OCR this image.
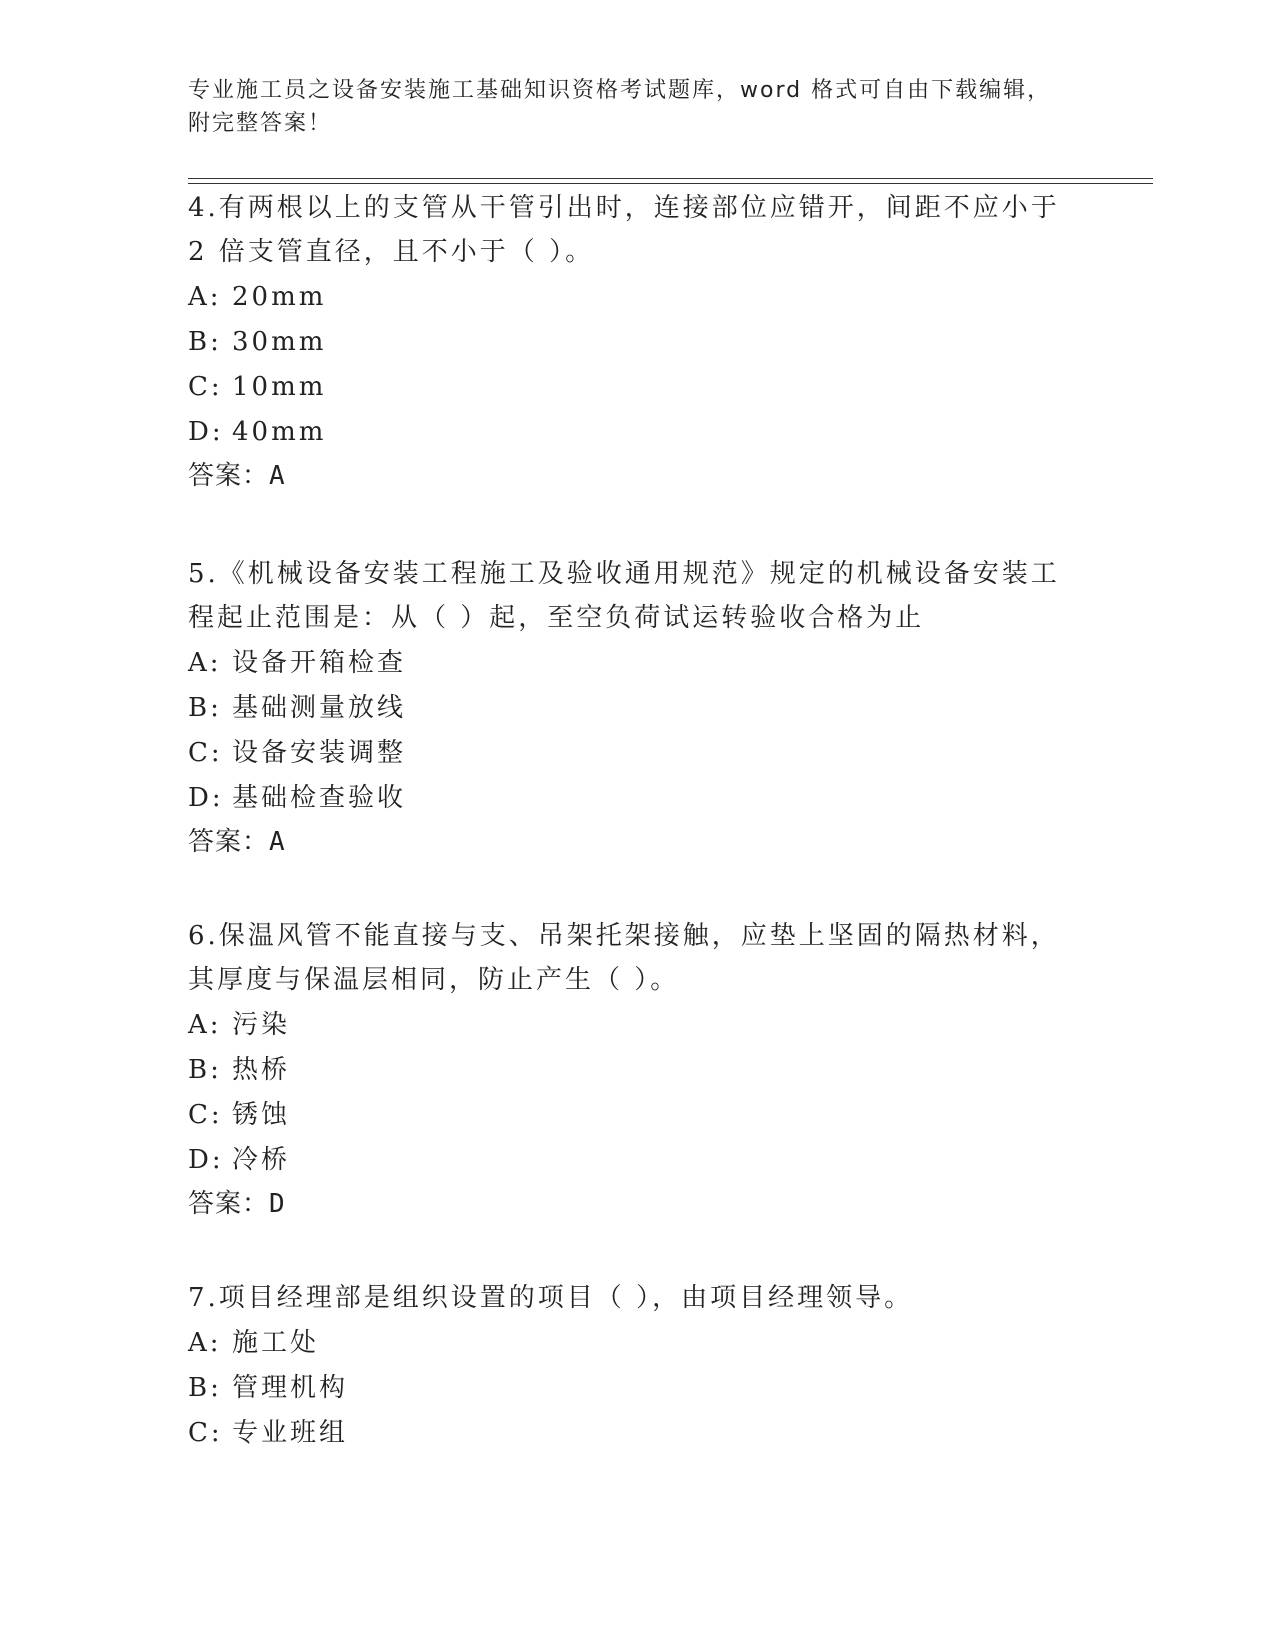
专业施工员之设备安装施工基础知识资格考试题库，word 格式可自由下载编辑，
附完整答案！
4.有两根以上的支管从干管引出时，连接部位应错开，间距不应小于
2 倍支管直径，且不小于（ ）。
A: 20mm
B: 30mm
C: 10mm
D: 40mm
答案：A
5.《机械设备安装工程施工及验收通用规范》规定的机械设备安装工
程起止范围是：从（ ）起，至空负荷试运转验收合格为止
A: 设备开箱检查
B: 基础测量放线
C: 设备安装调整
D: 基础检查验收
答案：A
6.保温风管不能直接与支、吊架托架接触，应垫上坚固的隔热材料，
其厚度与保温层相同，防止产生（ ）。
A: 污染
B: 热桥
C: 锈蚀
D: 冷桥
答案：D
7.项目经理部是组织设置的项目（ ），由项目经理领导。
A: 施工处
B: 管理机构
C: 专业班组
